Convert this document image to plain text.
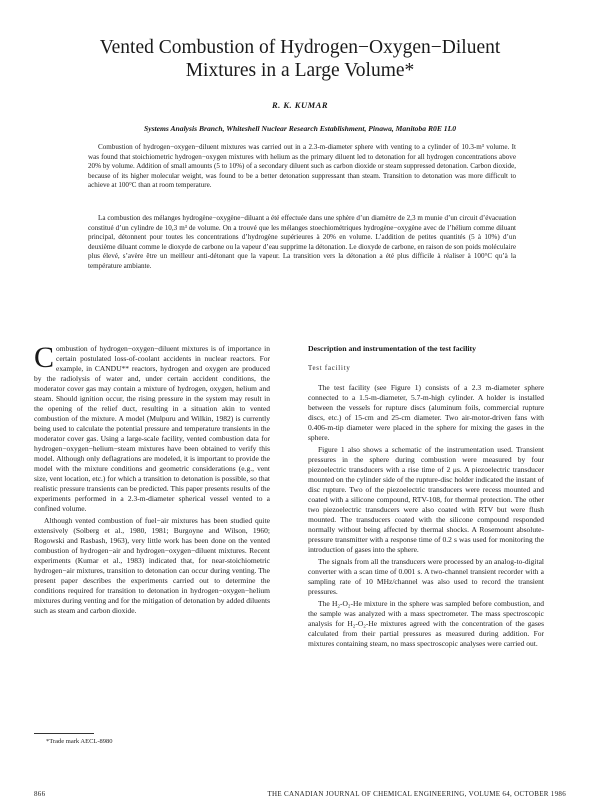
Vented Combustion of Hydrogen−Oxygen−Diluent
Mixtures in a Large Volume*
R. K. KUMAR
Systems Analysis Branch, Whiteshell Nuclear Research Establishment, Pinawa, Manitoba R0E 1L0

Combustion of hydrogen−oxygen−diluent mixtures was carried out in a 2.3-m-diameter sphere with venting to a cylinder of 10.3-m³ volume. It was found that stoichiometric hydrogen−oxygen mixtures with helium as the primary diluent led to detonation for all hydrogen concentrations above 20% by volume. Addition of small amounts (5 to 10%) of a secondary diluent such as carbon dioxide or steam suppressed detonation. Carbon dioxide, because of its higher molecular weight, was found to be a better detonation suppressant than steam. Transition to detonation was more difficult to achieve at 100°C than at room temperature.

La combustion des mélanges hydrogène−oxygène−diluant a été effectuée dans une sphère d’un diamètre de 2,3 m munie d’un circuit d’évacuation constitué d’un cylindre de 10,3 m³ de volume. On a trouvé que les mélanges stoechiométriques hydrogène−oxygène avec de l’hélium comme diluant principal, détonnent pour toutes les concentrations d’hydrogène supérieures à 20% en volume. L’addition de petites quantités (5 à 10%) d’un deuxième diluant comme le dioxyde de carbone ou la vapeur d’eau supprime la détonation. Le dioxyde de carbone, en raison de son poids moléculaire plus élevé, s’avère être un meilleur anti-détonant que la vapeur. La transition vers la détonation a été plus difficile à réaliser à 100°C qu’à la température ambiante.

Combustion of hydrogen−oxygen−diluent mixtures is of importance in certain postulated loss-of-coolant accidents in nuclear reactors. For example, in CANDU** reactors, hydrogen and oxygen are produced by the radiolysis of water and, under certain accident conditions, the moderator cover gas may contain a mixture of hydrogen, oxygen, helium and steam. Should ignition occur, the rising pressure in the system may result in the opening of the relief duct, resulting in a situation akin to vented combustion of the mixture. A model (Mulpuru and Wilkin, 1982) is currently being used to calculate the potential pressure and temperature transients in the moderator cover gas. Using a large-scale facility, vented combustion data for hydrogen−oxygen−helium−steam mixtures have been obtained to verify this model. Although only deflagrations are modeled, it is important to provide the model with the mixture conditions and geometric considerations (e.g., vent size, vent location, etc.) for which a transition to detonation is possible, so that realistic pressure transients can be predicted. This paper presents results of the experiments performed in a 2.3-m-diameter spherical vessel vented to a confined volume.

Although vented combustion of fuel−air mixtures has been studied quite extensively (Solberg et al., 1980, 1981; Burgoyne and Wilson, 1960; Rogowski and Rasbash, 1963), very little work has been done on the vented combustion of hydrogen−air and hydrogen−oxygen−diluent mixtures. Recent experiments (Kumar et al., 1983) indicated that, for near-stoichiometric hydrogen−air mixtures, transition to detonation can occur during venting. The present paper describes the experiments carried out to determine the conditions required for transition to detonation in hydrogen−oxygen−helium mixtures during venting and for the mitigation of detonation by added diluents such as steam and carbon dioxide.

Description and instrumentation of the test facility
Test facility

The test facility (see Figure 1) consists of a 2.3 m-diameter sphere connected to a 1.5-m-diameter, 5.7-m-high cylinder. A holder is installed between the vessels for rupture discs (aluminum foils, commercial rupture discs, etc.) of 15-cm and 25-cm diameter. Two air-motor-driven fans with 0.406-m-tip diameter were placed in the sphere for mixing the gases in the sphere.

Figure 1 also shows a schematic of the instrumentation used. Transient pressures in the sphere during combustion were measured by four piezoelectric transducers with a rise time of 2 μs. A piezoelectric transducer mounted on the cylinder side of the rupture-disc holder indicated the instant of disc rupture. Two of the piezoelectric transducers were recess mounted and coated with a silicone compound, RTV-108, for thermal protection. The other two piezoelectric transducers were also coated with RTV but were flush mounted. The transducers coated with the silicone compound responded normally without being affected by thermal shocks. A Rosemount absolute-pressure transmitter with a response time of 0.2 s was used for monitoring the introduction of gases into the sphere.

The signals from all the transducers were processed by an analog-to-digital converter with a scan time of 0.001 s. A two-channel transient recorder with a sampling rate of 10 MHz/channel was also used to record the transient pressures.

The H₂-O₂-He mixture in the sphere was sampled before combustion, and the sample was analyzed with a mass spectrometer. The mass spectroscopic analysis for H₂-O₂-He mixtures agreed with the concentration of the gases calculated from their partial pressures as measured during addition. For mixtures containing steam, no mass spectroscopic analyses were carried out.

*Trade mark AECL-8980
866	THE CANADIAN JOURNAL OF CHEMICAL ENGINEERING, VOLUME 64, OCTOBER 1986
